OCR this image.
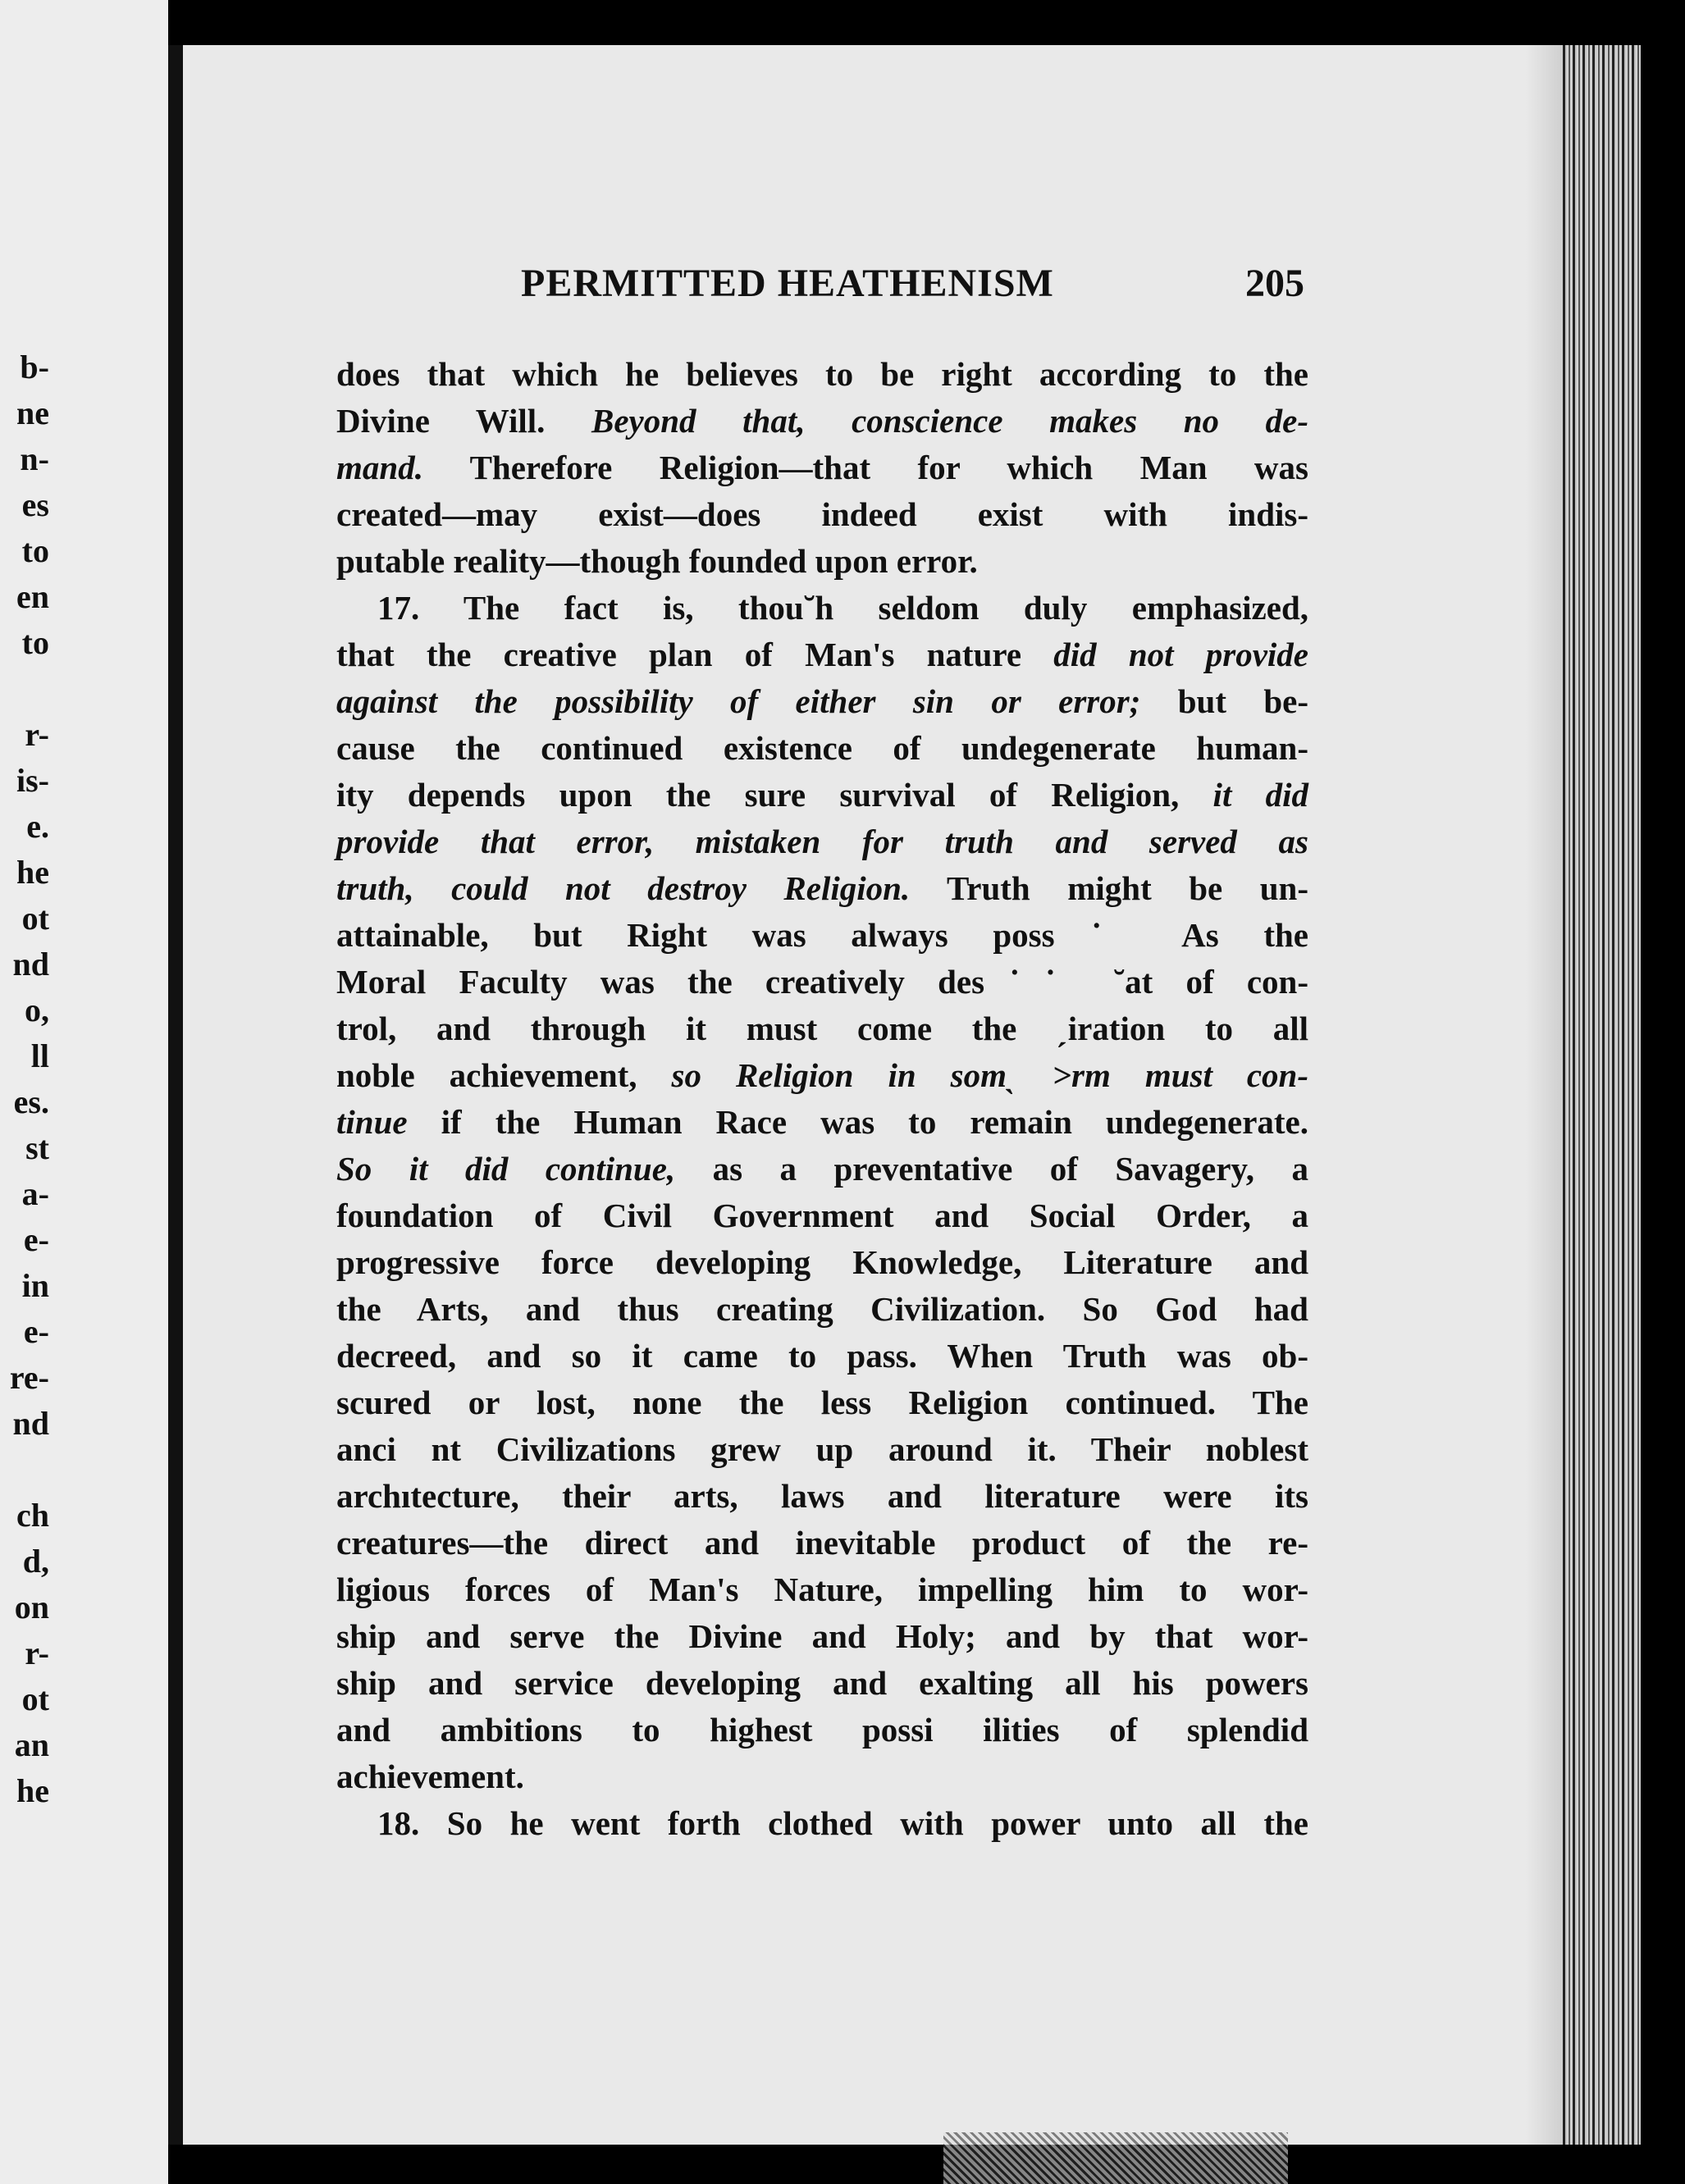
b-
ne
n-
es
to
en
to
r-
is-
e.
he
ot
nd
o,
ll
es.
st
a-
e-
in
e-
re-
nd
ch
d,
on
r-
ot
an
he
PERMITTED HEATHENISM	205
does that which he believes to be right according to the
Divine Will. Beyond that, conscience makes no de-
mand. Therefore Religion—that for which Man was
created—may exist—does indeed exist with indis-
putable reality—though founded upon error.
17. The fact is, thou˘h seldom duly emphasized,
that the creative plan of Man's nature did not provide
against the possibility of either sin or error; but be-
cause the continued existence of undegenerate human-
ity depends upon the sure survival of Religion, it did
provide that error, mistaken for truth and served as
truth, could not destroy Religion. Truth might be un-
attainable, but Right was always poss˙ As the
Moral Faculty was the creatively des˙˙ ˘at of con-
trol, and through it must come the ˏiration to all
noble achievement, so Religion in somˎ ˃rm must con-
tinue if the Human Race was to remain undegenerate.
So it did continue, as a preventative of Savagery, a
foundation of Civil Government and Social Order, a
progressive force developing Knowledge, Literature and
the Arts, and thus creating Civilization. So God had
decreed, and so it came to pass. When Truth was ob-
scured or lost, none the less Religion continued. The
anci nt Civilizations grew up around it. Their noblest
archıtecture, their arts, laws and literature were its
creatures—the direct and inevitable product of the re-
ligious forces of Man's Nature, impelling him to wor-
ship and serve the Divine and Holy; and by that wor-
ship and service developing and exalting all his powers
and ambitions to highest possi ilities of splendid
achievement.
18. So he went forth clothed with power unto all the
